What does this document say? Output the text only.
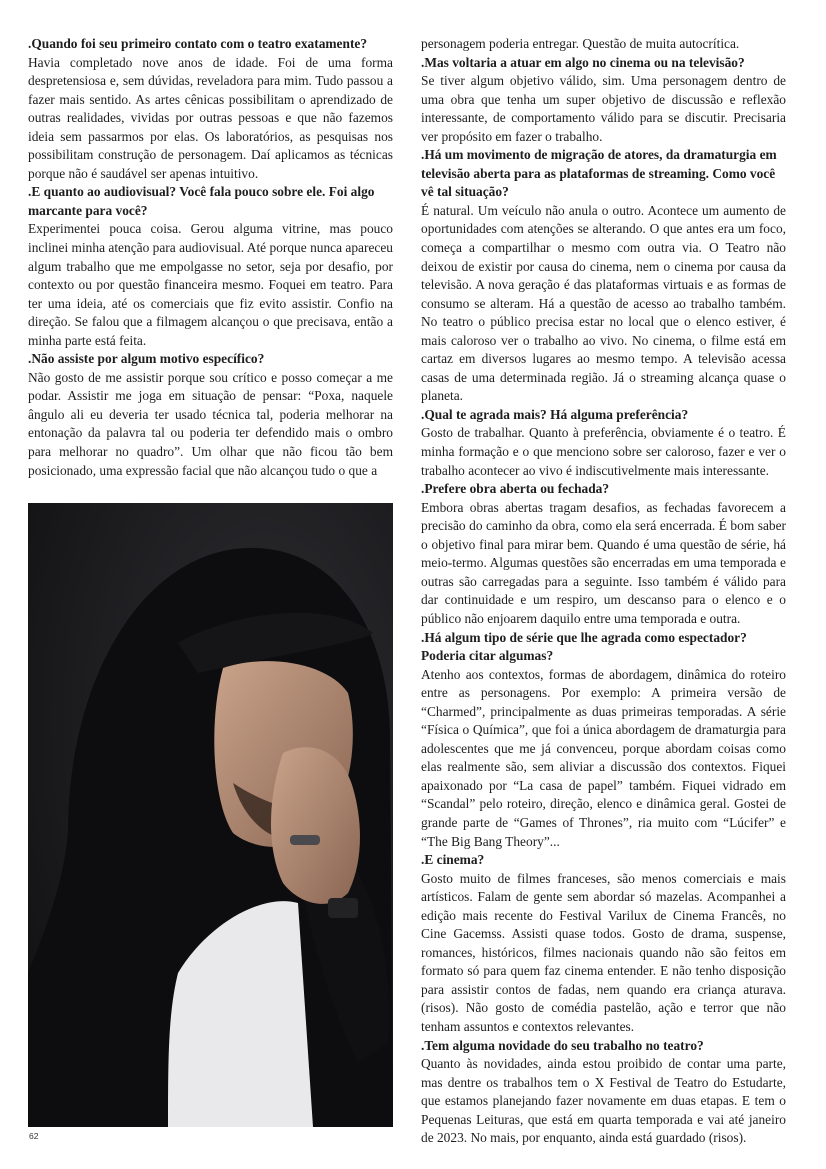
.Quando foi seu primeiro contato com o teatro exatamente?

Havia completado nove anos de idade. Foi de uma forma despretensiosa e, sem dúvidas, reveladora para mim. Tudo passou a fazer mais sentido. As artes cênicas possibilitam o aprendizado de outras realidades, vividas por outras pessoas e que não fazemos ideia sem passarmos por elas. Os laboratórios, as pesquisas nos possibilitam construção de personagem. Daí aplicamos as técnicas porque não é saudável ser apenas intuitivo.

.E quanto ao audiovisual? Você fala pouco sobre ele. Foi algo marcante para você?

Experimentei pouca coisa. Gerou alguma vitrine, mas pouco inclinei minha atenção para audiovisual. Até porque nunca apareceu algum trabalho que me empolgasse no setor, seja por desafio, por contexto ou por questão financeira mesmo. Foquei em teatro. Para ter uma ideia, até os comerciais que fiz evito assistir. Confio na direção. Se falou que a filmagem alcançou o que precisava, então a minha parte está feita.

.Não assiste por algum motivo específico?

Não gosto de me assistir porque sou crítico e posso começar a me podar. Assistir me joga em situação de pensar: “Poxa, naquele ângulo ali eu deveria ter usado técnica tal, poderia melhorar na entonação da palavra tal ou poderia ter defendido mais o ombro para melhorar no quadro”. Um olhar que não ficou tão bem posicionado, uma expressão facial que não alcançou tudo o que a

personagem poderia entregar. Questão de muita autocrítica.

.Mas voltaria a atuar em algo no cinema ou na televisão?

Se tiver algum objetivo válido, sim. Uma personagem dentro de uma obra que tenha um super objetivo de discussão e reflexão interessante, de comportamento válido para se discutir. Precisaria ver propósito em fazer o trabalho.

.Há um movimento de migração de atores, da dramaturgia em televisão aberta para as plataformas de streaming. Como você vê tal situação?

É natural. Um veículo não anula o outro. Acontece um aumento de oportunidades com atenções se alterando. O que antes era um foco, começa a compartilhar o mesmo com outra via. O Teatro não deixou de existir por causa do cinema, nem o cinema por causa da televisão. A nova geração é das plataformas virtuais e as formas de consumo se alteram. Há a questão de acesso ao trabalho também. No teatro o público precisa estar no local que o elenco estiver, é mais caloroso ver o trabalho ao vivo. No cinema, o filme está em cartaz em diversos lugares ao mesmo tempo. A televisão acessa casas de uma determinada região. Já o streaming alcança quase o planeta.

.Qual te agrada mais? Há alguma preferência?

Gosto de trabalhar. Quanto à preferência, obviamente é o teatro. É minha formação e o que menciono sobre ser caloroso, fazer e ver o trabalho acontecer ao vivo é indiscutivelmente mais interessante.

.Prefere obra aberta ou fechada?

Embora obras abertas tragam desafios, as fechadas favorecem a precisão do caminho da obra, como ela será encerrada. É bom saber o objetivo final para mirar bem. Quando é uma questão de série, há meio-termo. Algumas questões são encerradas em uma temporada e outras são carregadas para a seguinte. Isso também é válido para dar continuidade e um respiro, um descanso para o elenco e o público não enjoarem daquilo entre uma temporada e outra.

.Há algum tipo de série que lhe agrada como espectador? Poderia citar algumas?

Atenho aos contextos, formas de abordagem, dinâmica do roteiro entre as personagens. Por exemplo: A primeira versão de “Charmed”, principalmente as duas primeiras temporadas. A série “Física o Química”, que foi a única abordagem de dramaturgia para adolescentes que me já convenceu, porque abordam coisas como elas realmente são, sem aliviar a discussão dos contextos. Fiquei apaixonado por “La casa de papel” também. Fiquei vidrado em “Scandal” pelo roteiro, direção, elenco e dinâmica geral. Gostei de grande parte de “Games of Thrones”, ria muito com “Lúcifer” e “The Big Bang Theory”...

.E cinema?

Gosto muito de filmes franceses, são menos comerciais e mais artísticos. Falam de gente sem abordar só mazelas. Acompanhei a edição mais recente do Festival Varilux de Cinema Francês, no Cine Gacemss. Assisti quase todos. Gosto de drama, suspense, romances, históricos, filmes nacionais quando não são feitos em formato só para quem faz cinema entender. E não tenho disposição para assistir contos de fadas, nem quando era criança aturava. (risos). Não gosto de comédia pastelão, ação e terror que não tenham assuntos e contextos relevantes.

.Tem alguma novidade do seu trabalho no teatro?

Quanto às novidades, ainda estou proibido de contar uma parte, mas dentre os trabalhos tem o X Festival de Teatro do Estudarte, que estamos planejando fazer novamente em duas etapas. E tem o Pequenas Leituras, que está em quarta temporada e vai até janeiro de 2023. No mais, por enquanto, ainda está guardado (risos).

62
